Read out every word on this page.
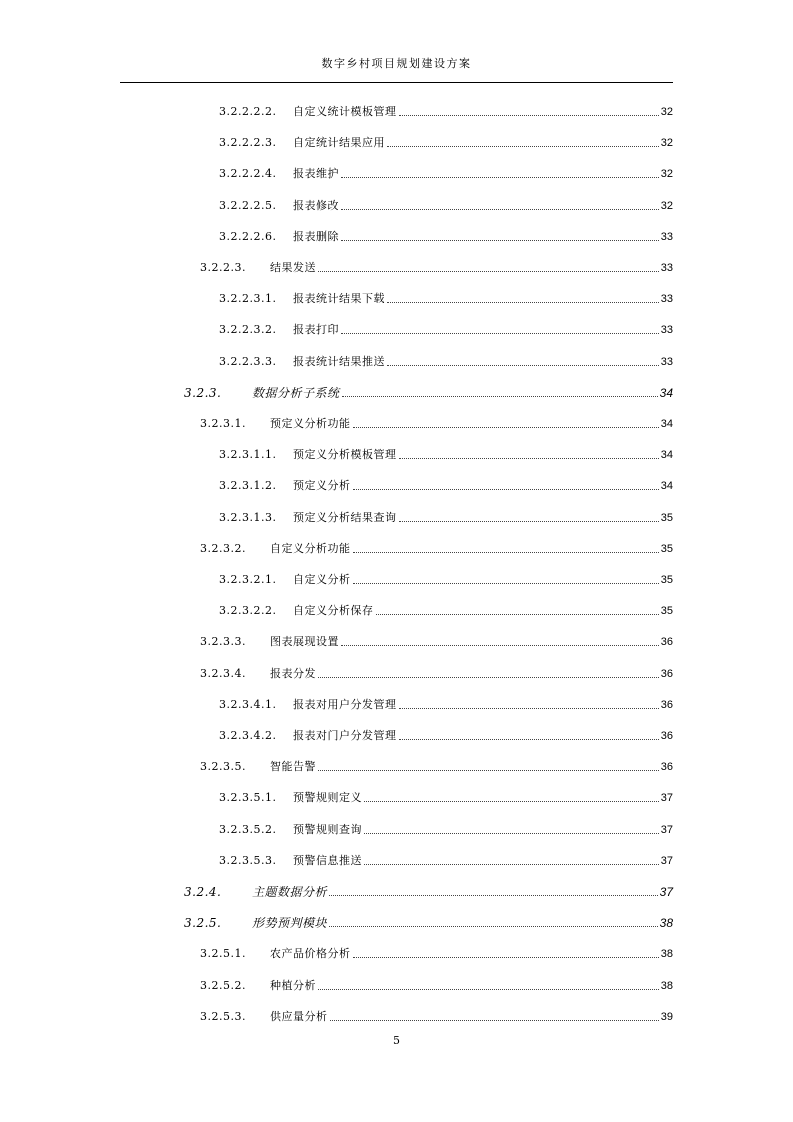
数字乡村项目规划建设方案
3.2.2.2.2.	自定义统计模板管理	32
3.2.2.2.3.	自定统计结果应用	32
3.2.2.2.4.	报表维护	32
3.2.2.2.5.	报表修改	32
3.2.2.2.6.	报表删除	33
3.2.2.3.	结果发送	33
3.2.2.3.1.	报表统计结果下载	33
3.2.2.3.2.	报表打印	33
3.2.2.3.3.	报表统计结果推送	33
3.2.3.	数据分析子系统	34
3.2.3.1.	预定义分析功能	34
3.2.3.1.1.	预定义分析模板管理	34
3.2.3.1.2.	预定义分析	34
3.2.3.1.3.	预定义分析结果查询	35
3.2.3.2.	自定义分析功能	35
3.2.3.2.1.	自定义分析	35
3.2.3.2.2.	自定义分析保存	35
3.2.3.3.	图表展现设置	36
3.2.3.4.	报表分发	36
3.2.3.4.1.	报表对用户分发管理	36
3.2.3.4.2.	报表对门户分发管理	36
3.2.3.5.	智能告警	36
3.2.3.5.1.	预警规则定义	37
3.2.3.5.2.	预警规则查询	37
3.2.3.5.3.	预警信息推送	37
3.2.4.	主题数据分析	37
3.2.5.	形势预判模块	38
3.2.5.1.	农产品价格分析	38
3.2.5.2.	种植分析	38
3.2.5.3.	供应量分析	39
5
